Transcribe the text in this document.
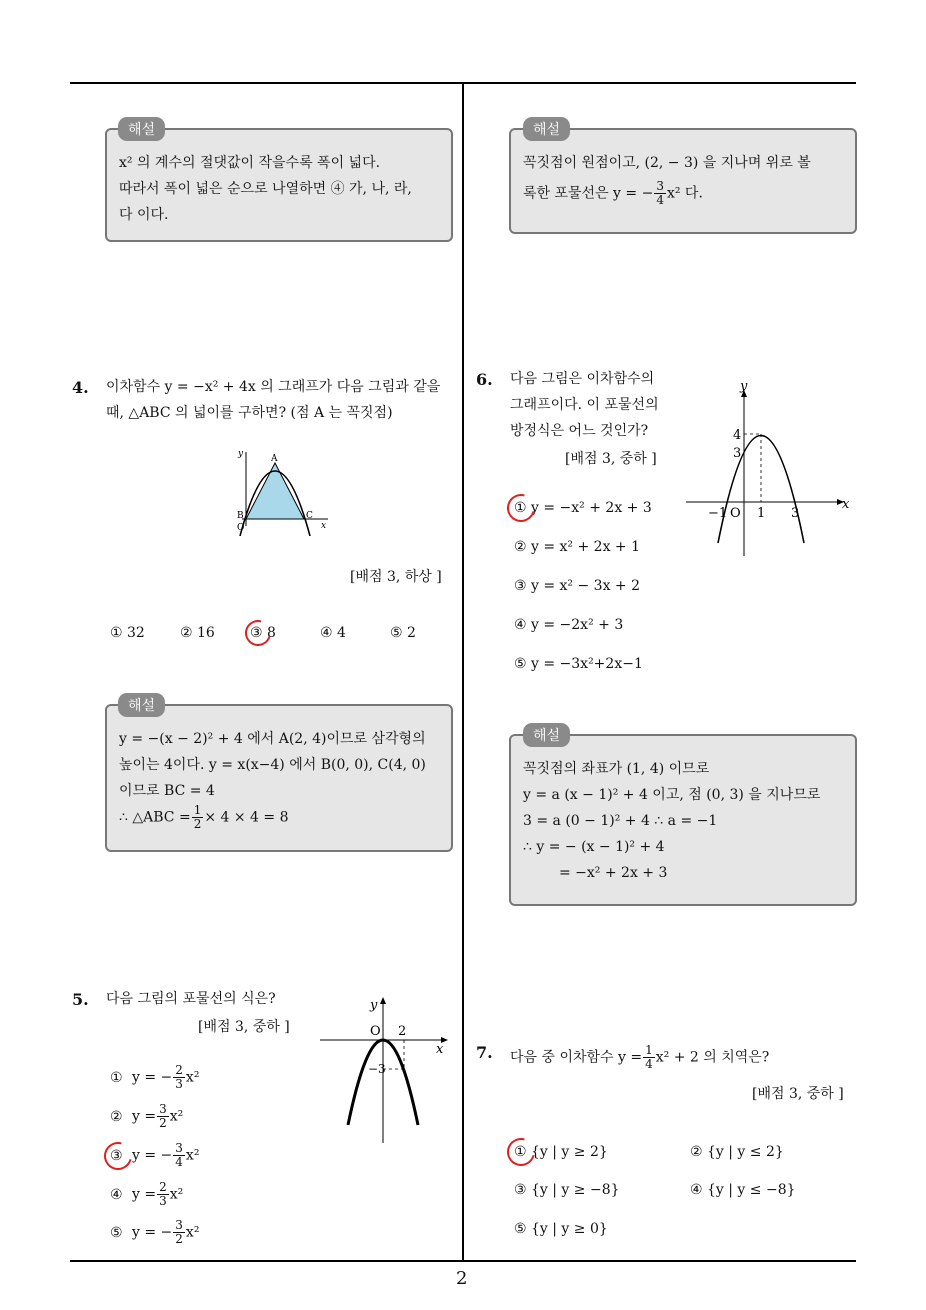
2
x² 의 계수의 절댓값이 작을수록 폭이 넓다.
따라서 폭이 넓은 순으로 나열하면 ④ 가, 나, 라,
다 이다.
해설
꼭짓점이 원점이고, (2, − 3) 을 지나며 위로 볼
록한 포물선은 y = − $\frac{3}{4} x^2$ 다.
해설
4. 이차함수 y = −x² + 4x 의 그래프가 다음 그림과 같을
때, △ABC 의 넓이를 구하면? (점 A 는 꼭짓점)
y	A
B	C
O	x
[배점 3, 하상 ]
① 32	② 16	③ 8	④ 4	⑤ 2
y = −(x − 2)² + 4 에서 A(2, 4)이므로 삼각형의
높이는 4이다. y = x(x−4) 에서 B(0, 0), C(4, 0)
이므로 BC = 4
∴ △ABC = $\frac{1}{2} \times 4 \times 4 = 8$
해설
5. 다음 그림의 포물선의 식은?
[배점 3, 중하 ]
y
O 2
x
−3
① y = − $\frac{2}{3} x^2$
② $y = \frac{3}{2} x^2$
③ y = − $\frac{3}{4} x^2$
④ $y = \frac{2}{3} x^2$
⑤ y = − $\frac{3}{2} x^2$
6. 다음 그림은 이차함수의
그래프이다. 이 포물선의
방정식은 어느 것인가?
[배점 3, 중하 ]
y
4
3
−1 O 1 3
x
① y = −x² + 2x + 3
② y = x² + 2x + 1
③ y = x² − 3x + 2
④ y = −2x² + 3
⑤ y = −3x²+2x−1
꼭짓점의 좌표가 (1, 4) 이므로
y = a (x − 1)² + 4 이고, 점 (0, 3) 을 지나므로
3 = a (0 − 1)² + 4 ∴ a = −1
∴ y = − (x − 1)² + 4
= −x² + 2x + 3
해설
7. 다음 중 이차함수 $y = \frac{1}{4} x^2 + 2$ 의 치역은?
[배점 3, 중하 ]
① {y | y ≥ 2}	② {y | y ≤ 2}
③ {y | y ≥ −8}	④ {y | y ≤ −8}
⑤ {y | y ≥ 0}
